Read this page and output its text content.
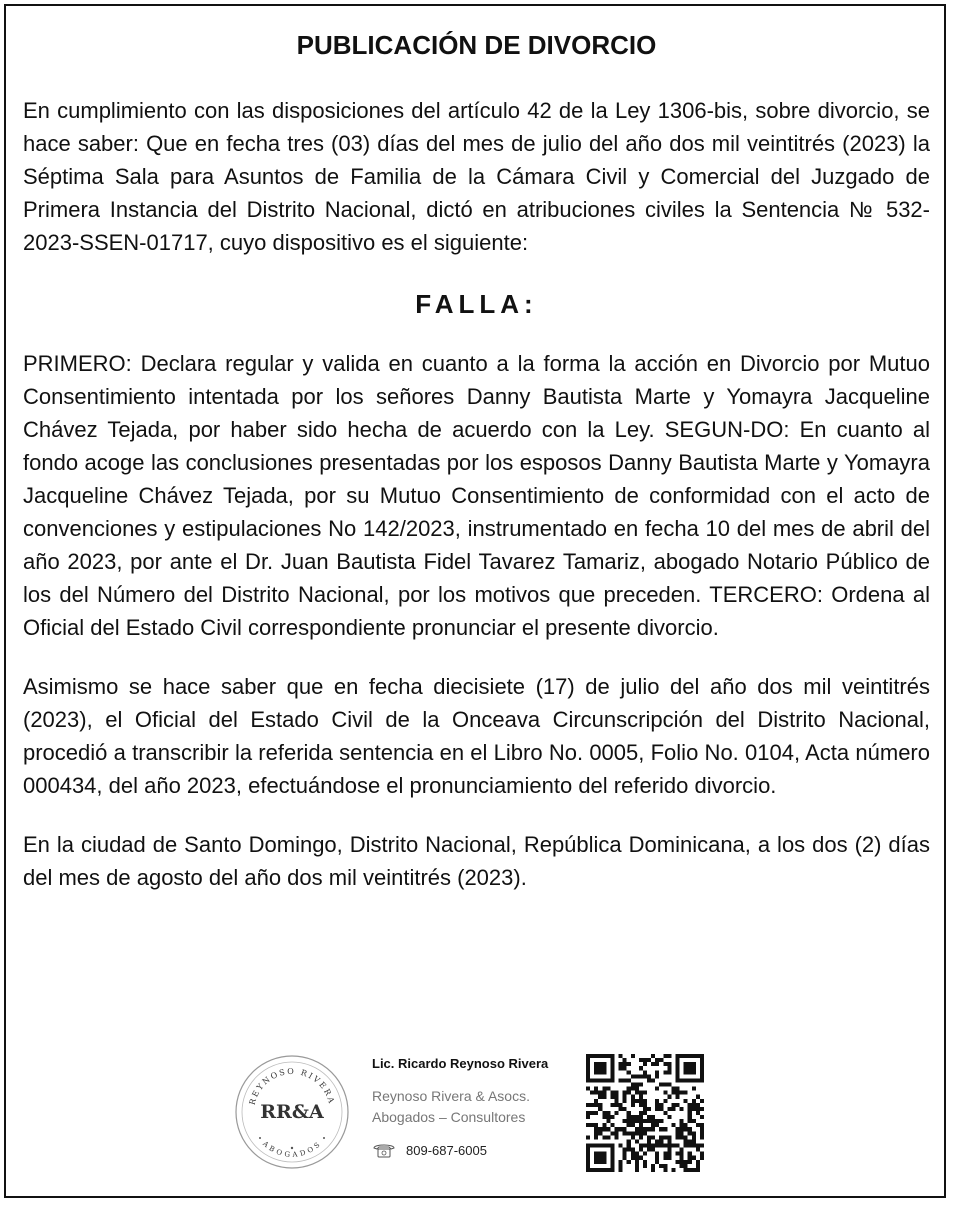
PUBLICACIÓN DE DIVORCIO

En cumplimiento con las disposiciones del artículo 42 de la Ley 1306-bis, sobre divorcio, se hace saber: Que en fecha tres (03) días del mes de julio del año dos mil veintitrés (2023) la Séptima Sala para Asuntos de Familia de la Cámara Civil y Comercial del Juzgado de Primera Instancia del Distrito Nacional, dictó en atribuciones civiles la Sentencia № 532-2023-SSEN-01717, cuyo dispositivo es el siguiente:

FALLA:

PRIMERO: Declara regular y valida en cuanto a la forma la acción en Divorcio por Mutuo Consentimiento intentada por los señores Danny Bautista Marte y Yomayra Jacqueline Chávez Tejada, por haber sido hecha de acuerdo con la Ley. SEGUN-DO: En cuanto al fondo acoge las conclusiones presentadas por los esposos Danny Bautista Marte y Yomayra Jacqueline Chávez Tejada, por su Mutuo Consentimiento de conformidad con el acto de convenciones y estipulaciones No 142/2023, instrumentado en fecha 10 del mes de abril del año 2023, por ante el Dr. Juan Bautista Fidel Tavarez Tamariz, abogado Notario Público de los del Número del Distrito Nacional, por los motivos que preceden. TERCERO: Ordena al Oficial del Estado Civil correspondiente pronunciar el presente divorcio.

Asimismo se hace saber que en fecha diecisiete (17) de julio del año dos mil veintitrés (2023), el Oficial del Estado Civil de la Onceava Circunscripción del Distrito Nacional, procedió a transcribir la referida sentencia en el Libro No. 0005, Folio No. 0104, Acta número 000434, del año 2023, efectuándose el pronunciamiento del referido divorcio.

En la ciudad de Santo Domingo, Distrito Nacional, República Dominicana, a los dos (2) días del mes de agosto del año dos mil veintitrés (2023).

REYNOSO RIVERA
RR&A
ABOGADOS
Lic. Ricardo Reynoso Rivera
Reynoso Rivera & Asocs.
Abogados – Consultores
809-687-6005
